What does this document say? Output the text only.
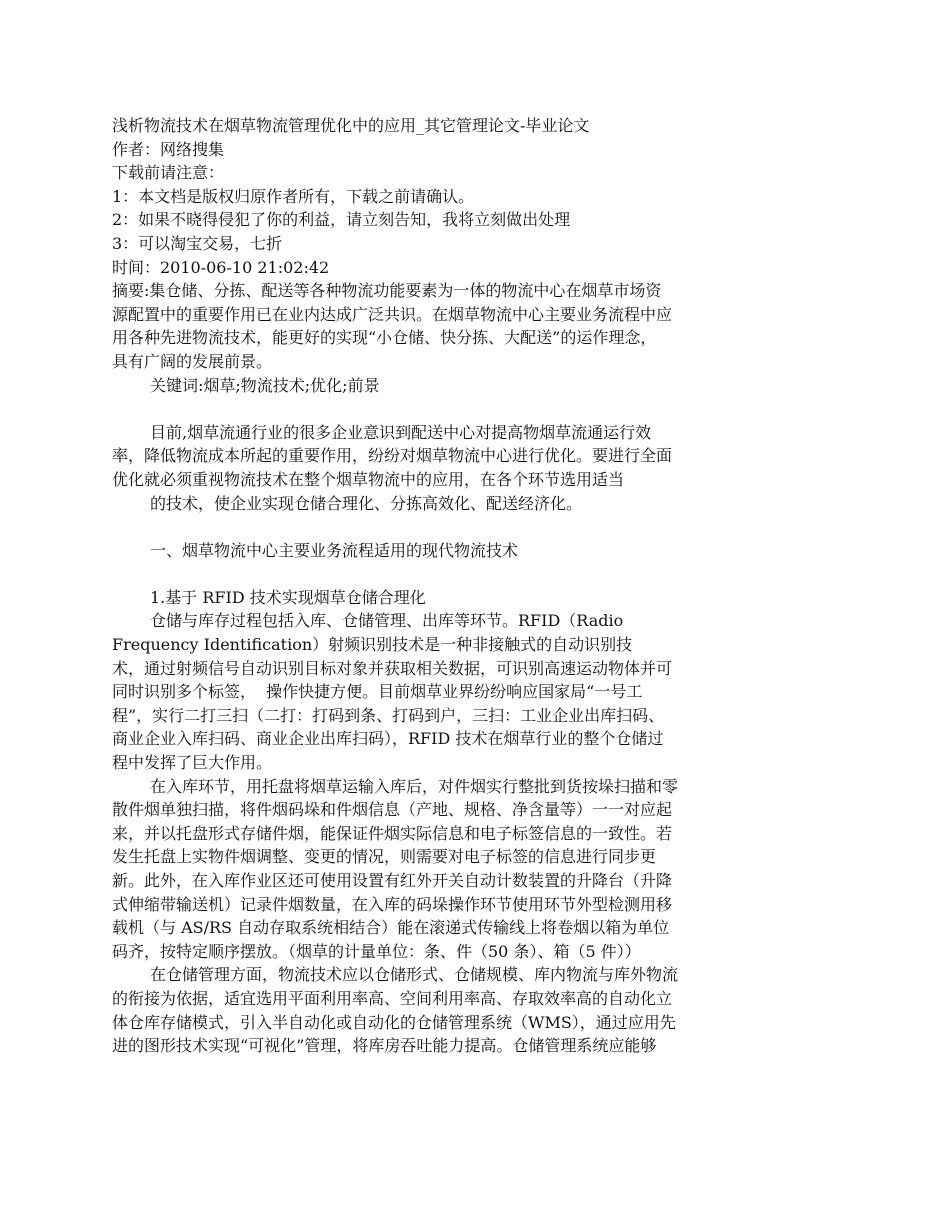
浅析物流技术在烟草物流管理优化中的应用_其它管理论文-毕业论文
作者：网络搜集
下载前请注意：
1：本文档是版权归原作者所有，下载之前请确认。
2：如果不晓得侵犯了你的利益，请立刻告知，我将立刻做出处理
3：可以淘宝交易，七折
时间：2010-06-10 21:02:42
摘要:集仓储、分拣、配送等各种物流功能要素为一体的物流中心在烟草市场资
源配置中的重要作用已在业内达成广泛共识。在烟草物流中心主要业务流程中应
用各种先进物流技术，能更好的实现“小仓储、快分拣、大配送”的运作理念，
具有广阔的发展前景。
关键词:烟草;物流技术;优化;前景
目前,烟草流通行业的很多企业意识到配送中心对提高物烟草流通运行效
率，降低物流成本所起的重要作用，纷纷对烟草物流中心进行优化。要进行全面
优化就必须重视物流技术在整个烟草物流中的应用，在各个环节选用适当
的技术，使企业实现仓储合理化、分拣高效化、配送经济化。
一、烟草物流中心主要业务流程适用的现代物流技术
1.基于 RFID 技术实现烟草仓储合理化
仓储与库存过程包括入库、仓储管理、出库等环节。RFID（Radio
Frequency Identification）射频识别技术是一种非接触式的自动识别技
术，通过射频信号自动识别目标对象并获取相关数据，可识别高速运动物体并可
同时识别多个标签，  操作快捷方便。目前烟草业界纷纷响应国家局“一号工
程”，实行二打三扫（二打：打码到条、打码到户，三扫：工业企业出库扫码、
商业企业入库扫码、商业企业出库扫码），RFID 技术在烟草行业的整个仓储过
程中发挥了巨大作用。
在入库环节，用托盘将烟草运输入库后，对件烟实行整批到货按垛扫描和零
散件烟单独扫描，将件烟码垛和件烟信息（产地、规格、净含量等）一一对应起
来，并以托盘形式存储件烟，能保证件烟实际信息和电子标签信息的一致性。若
发生托盘上实物件烟调整、变更的情况，则需要对电子标签的信息进行同步更
新。此外，在入库作业区还可使用设置有红外开关自动计数装置的升降台（升降
式伸缩带输送机）记录件烟数量，在入库的码垛操作环节使用环节外型检测用移
载机（与 AS/RS 自动存取系统相结合）能在滚递式传输线上将卷烟以箱为单位
码齐，按特定顺序摆放。（烟草的计量单位：条、件（50 条）、箱（5 件））
在仓储管理方面，物流技术应以仓储形式、仓储规模、库内物流与库外物流
的衔接为依据，适宜选用平面利用率高、空间利用率高、存取效率高的自动化立
体仓库存储模式，引入半自动化或自动化的仓储管理系统（WMS），通过应用先
进的图形技术实现“可视化”管理，将库房吞吐能力提高。仓储管理系统应能够
